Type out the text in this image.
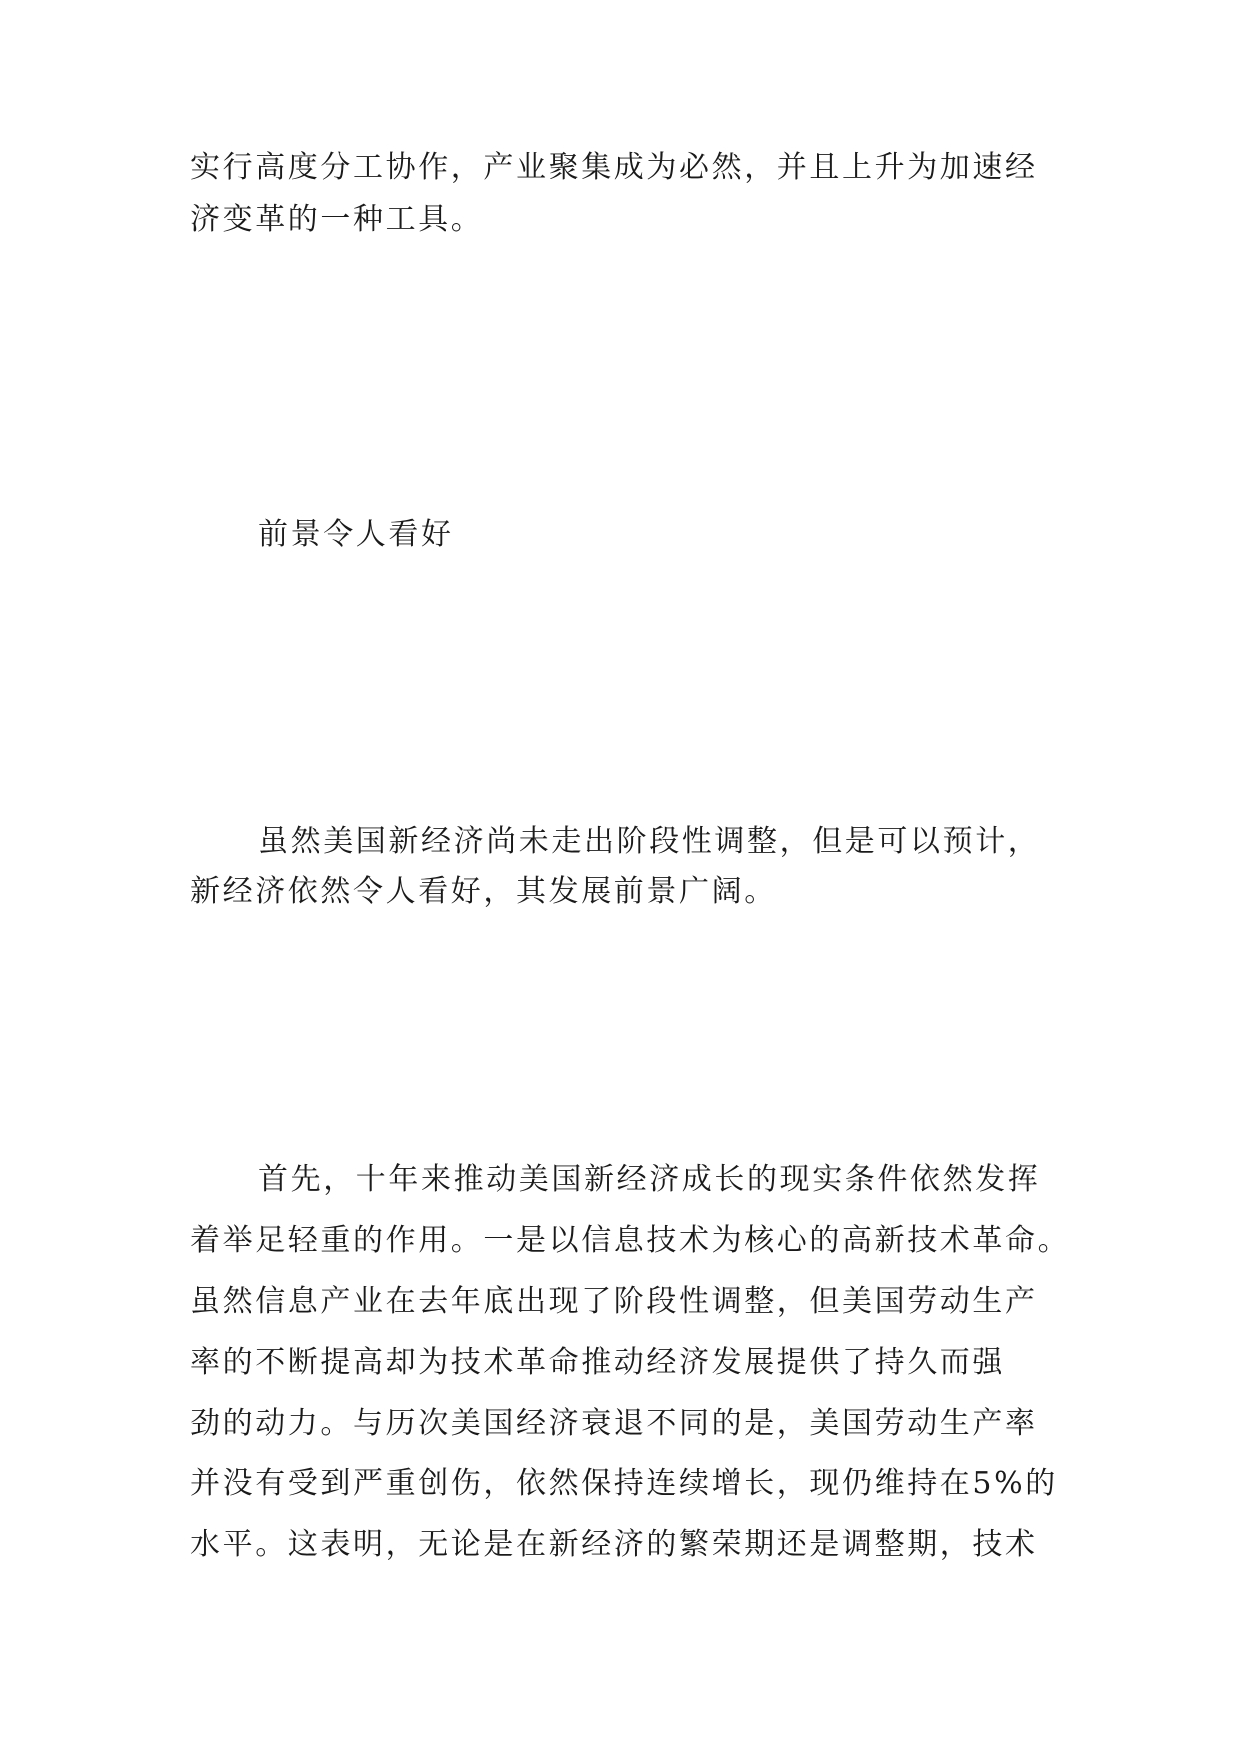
实行高度分工协作，产业聚集成为必然，并且上升为加速经
济变革的一种工具。
前景令人看好
虽然美国新经济尚未走出阶段性调整，但是可以预计，
新经济依然令人看好，其发展前景广阔。
首先，十年来推动美国新经济成长的现实条件依然发挥
着举足轻重的作用。一是以信息技术为核心的高新技术革命。
虽然信息产业在去年底出现了阶段性调整，但美国劳动生产
率的不断提高却为技术革命推动经济发展提供了持久而强
劲的动力。与历次美国经济衰退不同的是，美国劳动生产率
并没有受到严重创伤，依然保持连续增长，现仍维持在5%的
水平。这表明，无论是在新经济的繁荣期还是调整期，技术
